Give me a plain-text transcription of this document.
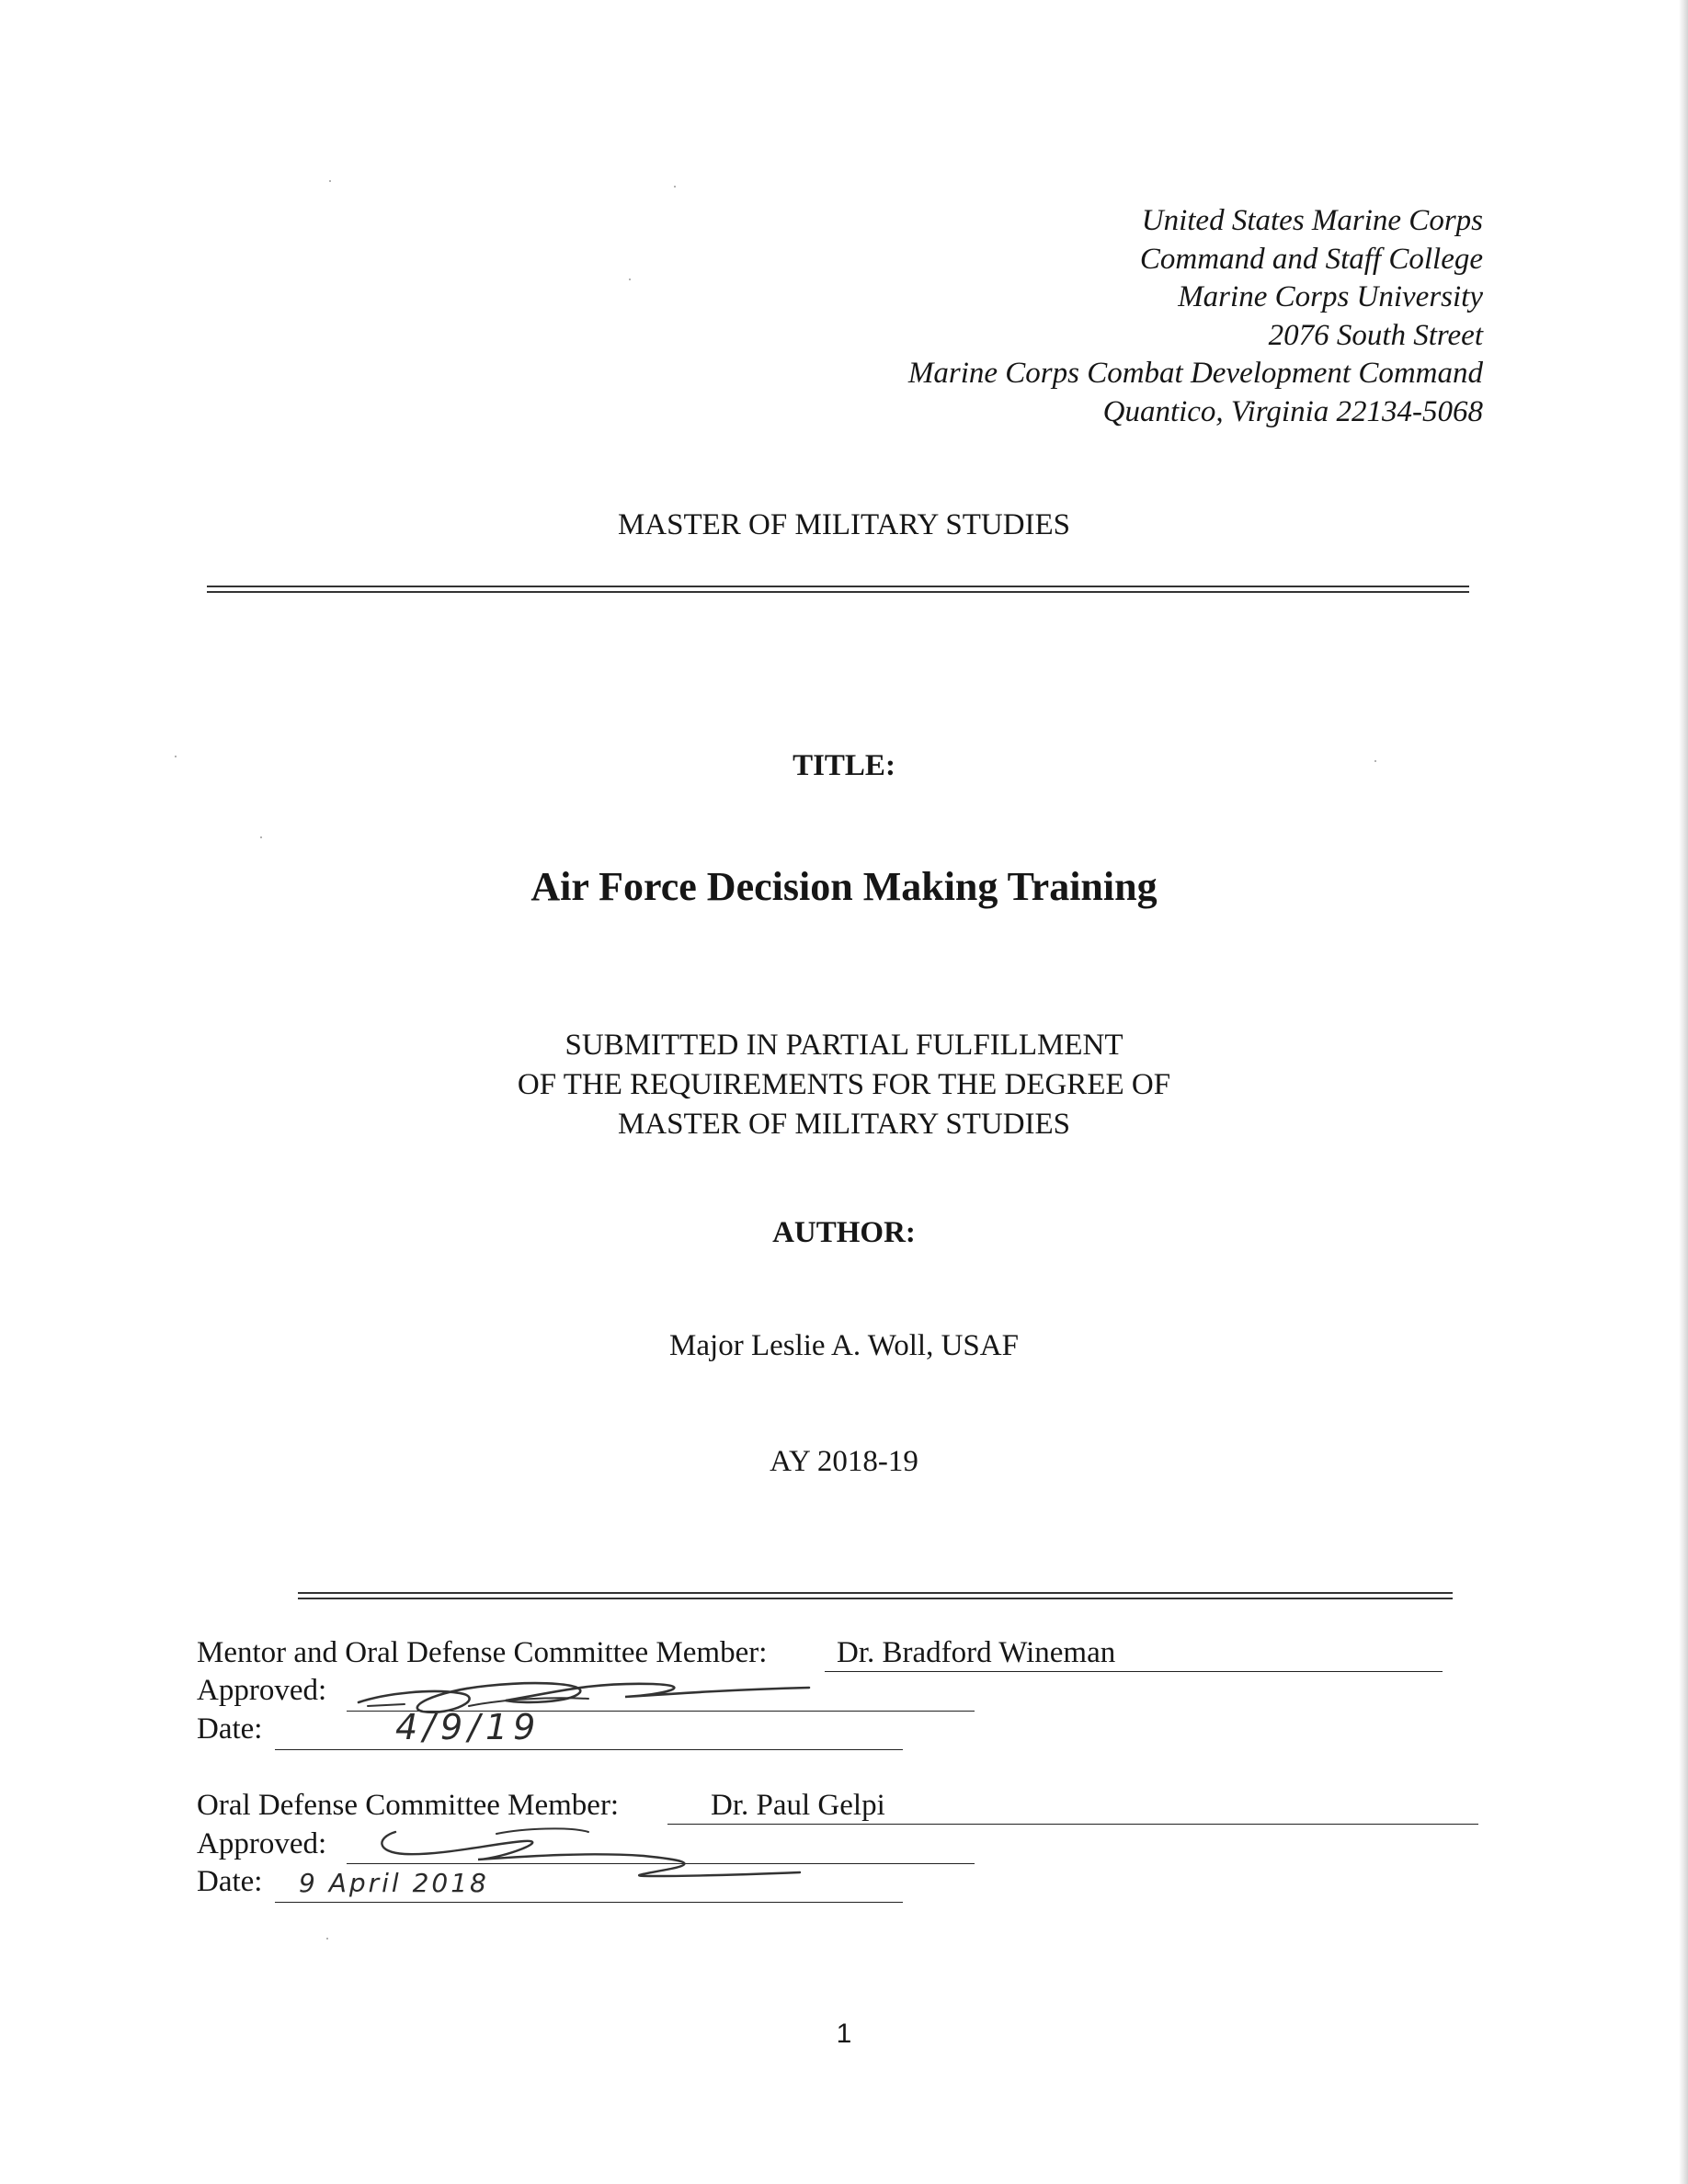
United States Marine Corps
Command and Staff College
Marine Corps University
2076 South Street
Marine Corps Combat Development Command
Quantico, Virginia 22134-5068
MASTER OF MILITARY STUDIES
TITLE:
Air Force Decision Making Training
SUBMITTED IN PARTIAL FULFILLMENT
OF THE REQUIREMENTS FOR THE DEGREE OF
MASTER OF MILITARY STUDIES
AUTHOR:
Major Leslie A. Woll, USAF
AY 2018-19
Mentor and Oral Defense Committee Member: Dr. Bradford Wineman
Approved:
Date:	4/9/19
Oral Defense Committee Member:	Dr. Paul Gelpi
Approved:
Date: 9 April 2018
1
